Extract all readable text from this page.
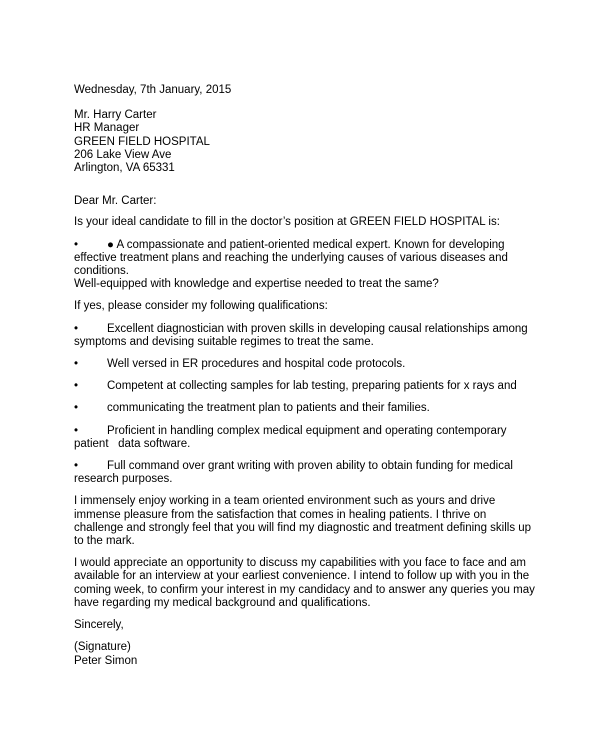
Wednesday, 7th January, 2015
Mr. Harry Carter
HR Manager
GREEN FIELD HOSPITAL
206 Lake View Ave
Arlington, VA 65331
Dear Mr. Carter:
Is your ideal candidate to fill in the doctor’s position at GREEN FIELD HOSPITAL is:
•	● A compassionate and patient-oriented medical expert. Known for developing
effective treatment plans and reaching the underlying causes of various diseases and
conditions.
Well-equipped with knowledge and expertise needed to treat the same?
If yes, please consider my following qualifications:
•	Excellent diagnostician with proven skills in developing causal relationships among
symptoms and devising suitable regimes to treat the same.
•	Well versed in ER procedures and hospital code protocols.
•	Competent at collecting samples for lab testing, preparing patients for x rays and
•	communicating the treatment plan to patients and their families.
•	Proficient in handling complex medical equipment and operating contemporary
patient   data software.
•	Full command over grant writing with proven ability to obtain funding for medical
research purposes.
I immensely enjoy working in a team oriented environment such as yours and drive
immense pleasure from the satisfaction that comes in healing patients. I thrive on
challenge and strongly feel that you will find my diagnostic and treatment defining skills up
to the mark.
I would appreciate an opportunity to discuss my capabilities with you face to face and am
available for an interview at your earliest convenience. I intend to follow up with you in the
coming week, to confirm your interest in my candidacy and to answer any queries you may
have regarding my medical background and qualifications.
Sincerely,
(Signature)
Peter Simon
